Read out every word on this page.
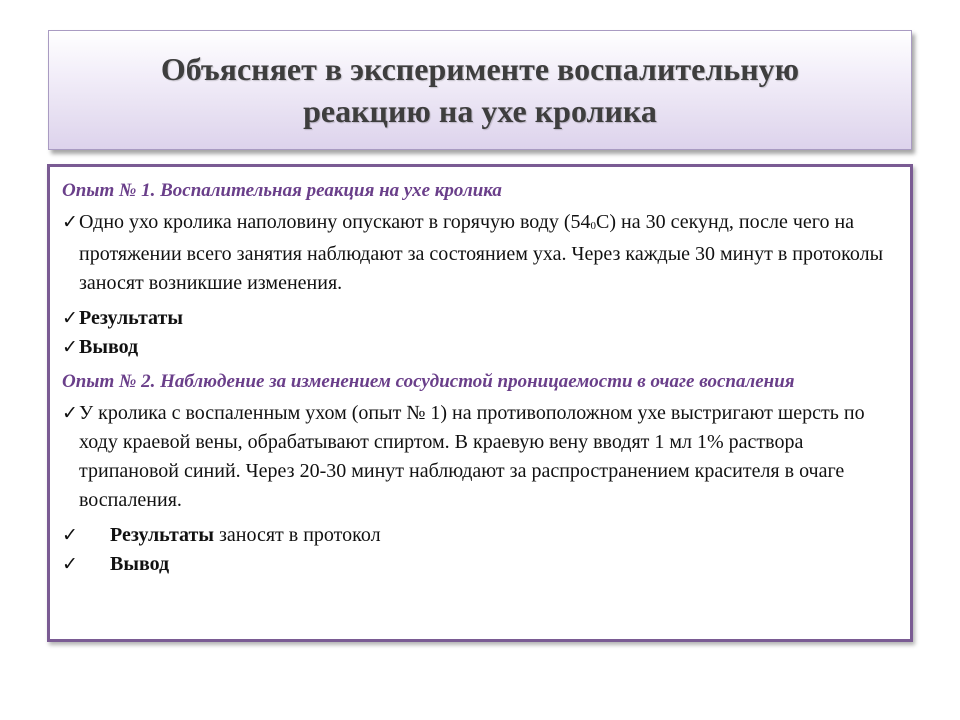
Объясняет в эксперименте воспалительную
реакцию на ухе кролика
Опыт № 1. Воспалительная реакция на ухе кролика
✓ Одно ухо кролика наполовину опускают в горячую воду (540С) на 30 секунд, после чего на протяжении всего занятия наблюдают за состоянием уха. Через каждые 30 минут в протоколы заносят возникшие изменения.
✓ Результаты
✓ Вывод
Опыт № 2. Наблюдение за изменением сосудистой проницаемости в очаге воспаления
✓ У кролика с воспаленным ухом (опыт № 1) на противоположном ухе выстригают шерсть по ходу краевой вены, обрабатывают спиртом. В краевую вену вводят 1 мл 1% раствора трипановой синий. Через 20-30 минут наблюдают за распространением красителя в очаге воспаления.
✓	Результаты заносят в протокол
✓	Вывод
